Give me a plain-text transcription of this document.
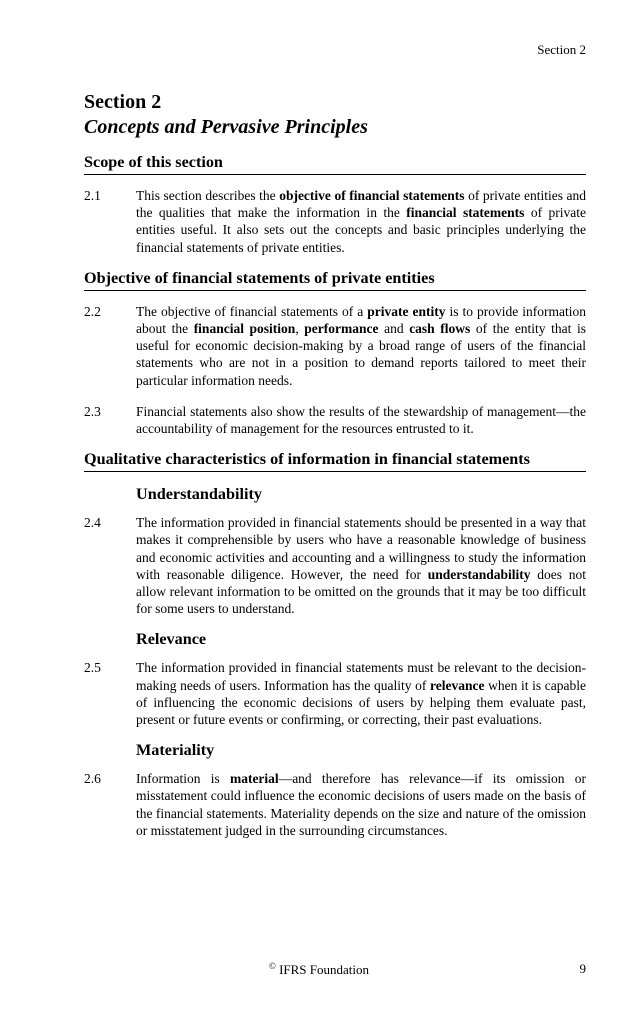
Section 2
Section 2
Concepts and Pervasive Principles
Scope of this section
2.1	This section describes the objective of financial statements of private entities and the qualities that make the information in the financial statements of private entities useful. It also sets out the concepts and basic principles underlying the financial statements of private entities.
Objective of financial statements of private entities
2.2	The objective of financial statements of a private entity is to provide information about the financial position, performance and cash flows of the entity that is useful for economic decision-making by a broad range of users of the financial statements who are not in a position to demand reports tailored to meet their particular information needs.
2.3	Financial statements also show the results of the stewardship of management—the accountability of management for the resources entrusted to it.
Qualitative characteristics of information in financial statements
Understandability
2.4	The information provided in financial statements should be presented in a way that makes it comprehensible by users who have a reasonable knowledge of business and economic activities and accounting and a willingness to study the information with reasonable diligence. However, the need for understandability does not allow relevant information to be omitted on the grounds that it may be too difficult for some users to understand.
Relevance
2.5	The information provided in financial statements must be relevant to the decision-making needs of users. Information has the quality of relevance when it is capable of influencing the economic decisions of users by helping them evaluate past, present or future events or confirming, or correcting, their past evaluations.
Materiality
2.6	Information is material—and therefore has relevance—if its omission or misstatement could influence the economic decisions of users made on the basis of the financial statements. Materiality depends on the size and nature of the omission or misstatement judged in the surrounding circumstances.
© IFRS Foundation	9
